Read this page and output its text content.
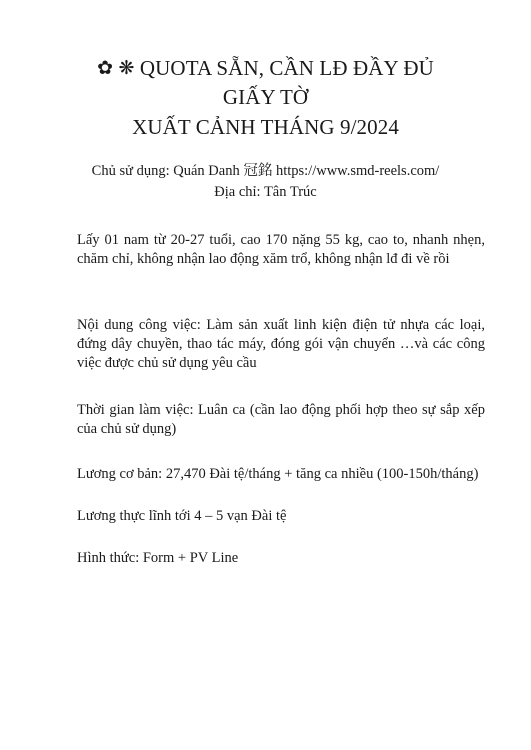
✿ ❋ QUOTA SẴN, CẦN LĐ ĐẦY ĐỦ
GIẤY TỜ
XUẤT CẢNH THÁNG 9/2024
Chủ sử dụng: Quán Danh 冠銘 https://www.smd-reels.com/
Địa chỉ: Tân Trúc
Lấy 01 nam từ 20-27 tuổi, cao 170 nặng 55 kg, cao to, nhanh nhẹn, chăm chỉ, không nhận lao động xăm trổ, không nhận lđ đi về rồi
Nội dung công việc: Làm sản xuất linh kiện điện tử nhựa các loại, đứng dây chuyền, thao tác máy, đóng gói vận chuyển …và các công việc được chủ sử dụng yêu cầu
Thời gian làm việc: Luân ca (cần lao động phối hợp theo sự sắp xếp của chủ sử dụng)
Lương cơ bản: 27,470 Đài tệ/tháng + tăng ca nhiều (100-150h/tháng)
Lương thực lĩnh tới 4 – 5 vạn Đài tệ
Hình thức: Form + PV Line
